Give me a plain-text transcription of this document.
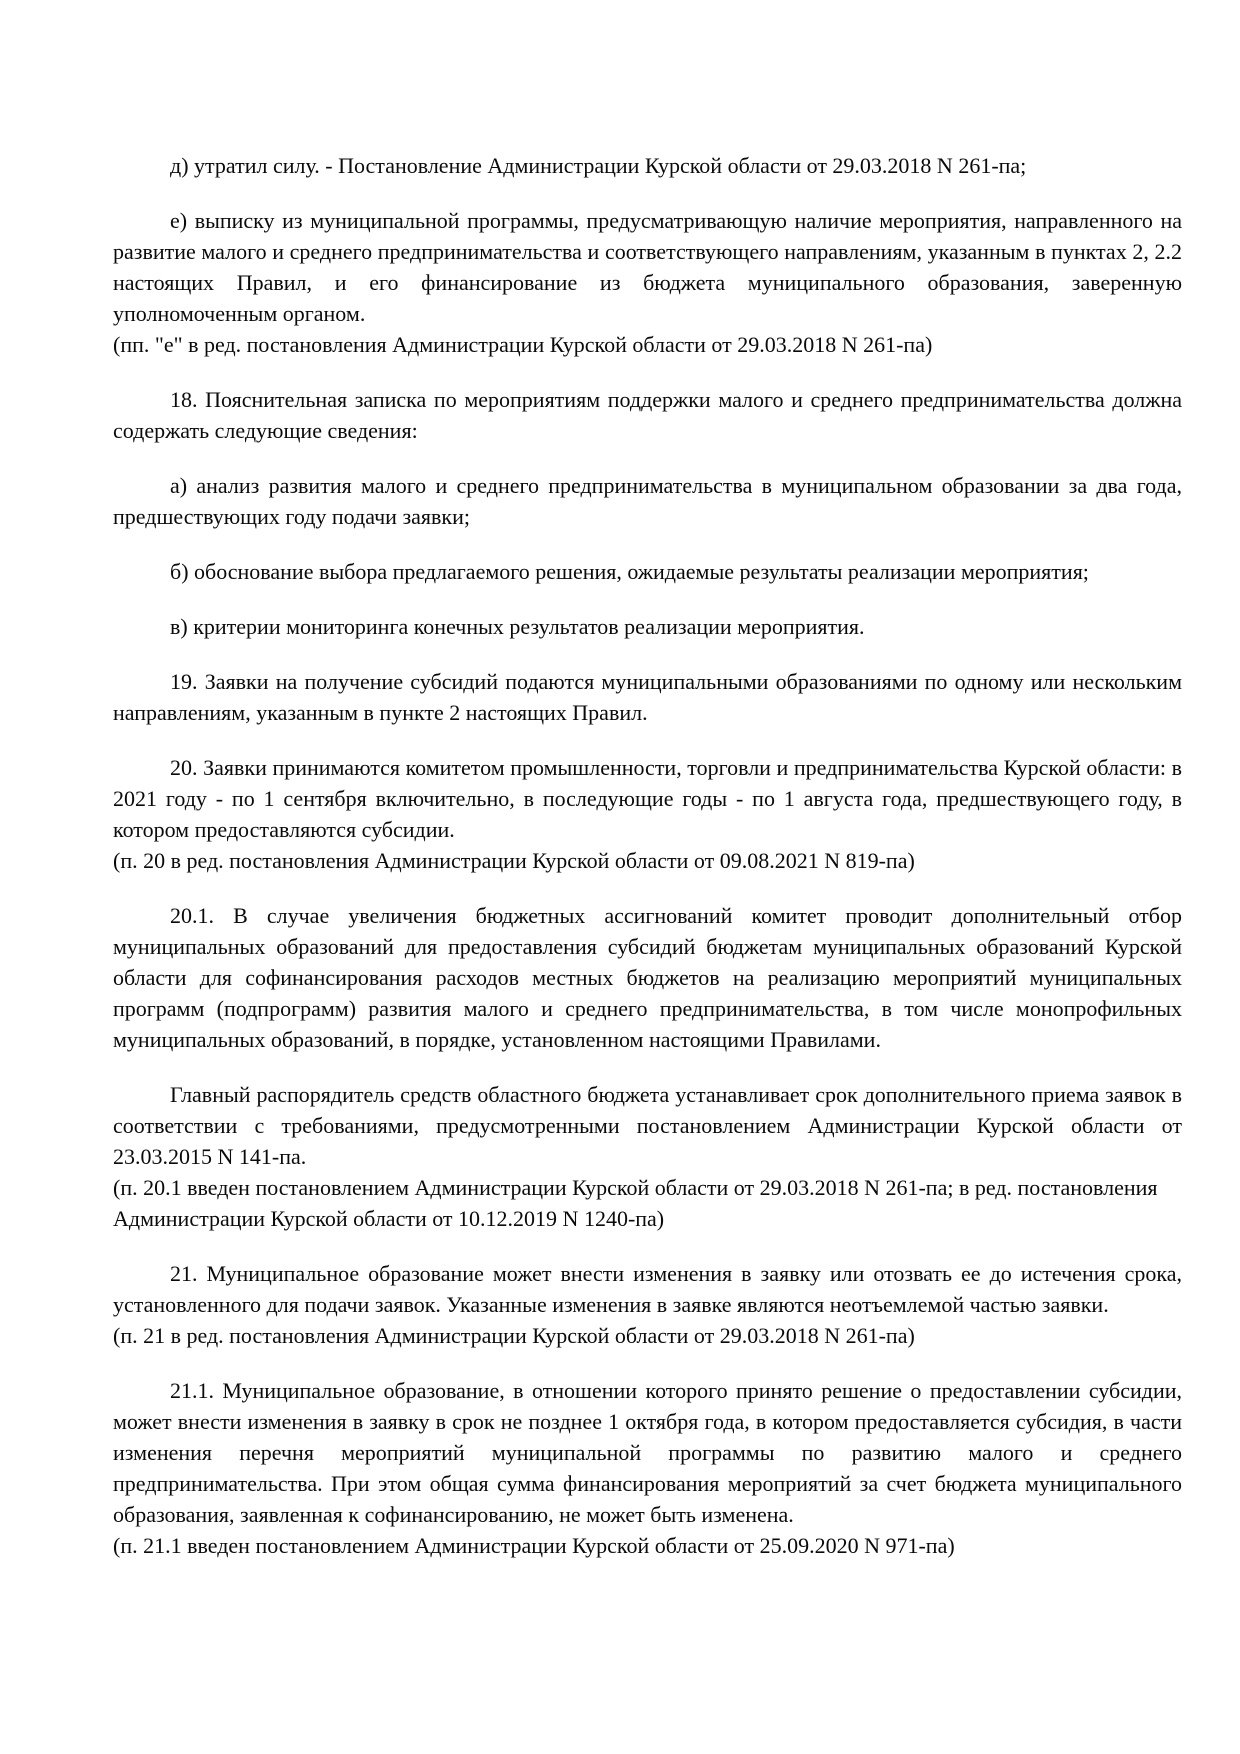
д) утратил силу. - Постановление Администрации Курской области от 29.03.2018 N 261-па;

е) выписку из муниципальной программы, предусматривающую наличие мероприятия, направленного на развитие малого и среднего предпринимательства и соответствующего направлениям, указанным в пунктах 2, 2.2 настоящих Правил, и его финансирование из бюджета муниципального образования, заверенную уполномоченным органом.

(пп. "е" в ред. постановления Администрации Курской области от 29.03.2018 N 261-па)

18. Пояснительная записка по мероприятиям поддержки малого и среднего предпринимательства должна содержать следующие сведения:

а) анализ развития малого и среднего предпринимательства в муниципальном образовании за два года, предшествующих году подачи заявки;

б) обоснование выбора предлагаемого решения, ожидаемые результаты реализации мероприятия;

в) критерии мониторинга конечных результатов реализации мероприятия.

19. Заявки на получение субсидий подаются муниципальными образованиями по одному или нескольким направлениям, указанным в пункте 2 настоящих Правил.

20. Заявки принимаются комитетом промышленности, торговли и предпринимательства Курской области: в 2021 году - по 1 сентября включительно, в последующие годы - по 1 августа года, предшествующего году, в котором предоставляются субсидии.

(п. 20 в ред. постановления Администрации Курской области от 09.08.2021 N 819-па)

20.1. В случае увеличения бюджетных ассигнований комитет проводит дополнительный отбор муниципальных образований для предоставления субсидий бюджетам муниципальных образований Курской области для софинансирования расходов местных бюджетов на реализацию мероприятий муниципальных программ (подпрограмм) развития малого и среднего предпринимательства, в том числе монопрофильных муниципальных образований, в порядке, установленном настоящими Правилами.

Главный распорядитель средств областного бюджета устанавливает срок дополнительного приема заявок в соответствии с требованиями, предусмотренными постановлением Администрации Курской области от 23.03.2015 N 141-па.

(п. 20.1 введен постановлением Администрации Курской области от 29.03.2018 N 261-па; в ред. постановления Администрации Курской области от 10.12.2019 N 1240-па)

21. Муниципальное образование может внести изменения в заявку или отозвать ее до истечения срока, установленного для подачи заявок. Указанные изменения в заявке являются неотъемлемой частью заявки.

(п. 21 в ред. постановления Администрации Курской области от 29.03.2018 N 261-па)

21.1. Муниципальное образование, в отношении которого принято решение о предоставлении субсидии, может внести изменения в заявку в срок не позднее 1 октября года, в котором предоставляется субсидия, в части изменения перечня мероприятий муниципальной программы по развитию малого и среднего предпринимательства. При этом общая сумма финансирования мероприятий за счет бюджета муниципального образования, заявленная к софинансированию, не может быть изменена.

(п. 21.1 введен постановлением Администрации Курской области от 25.09.2020 N 971-па)
